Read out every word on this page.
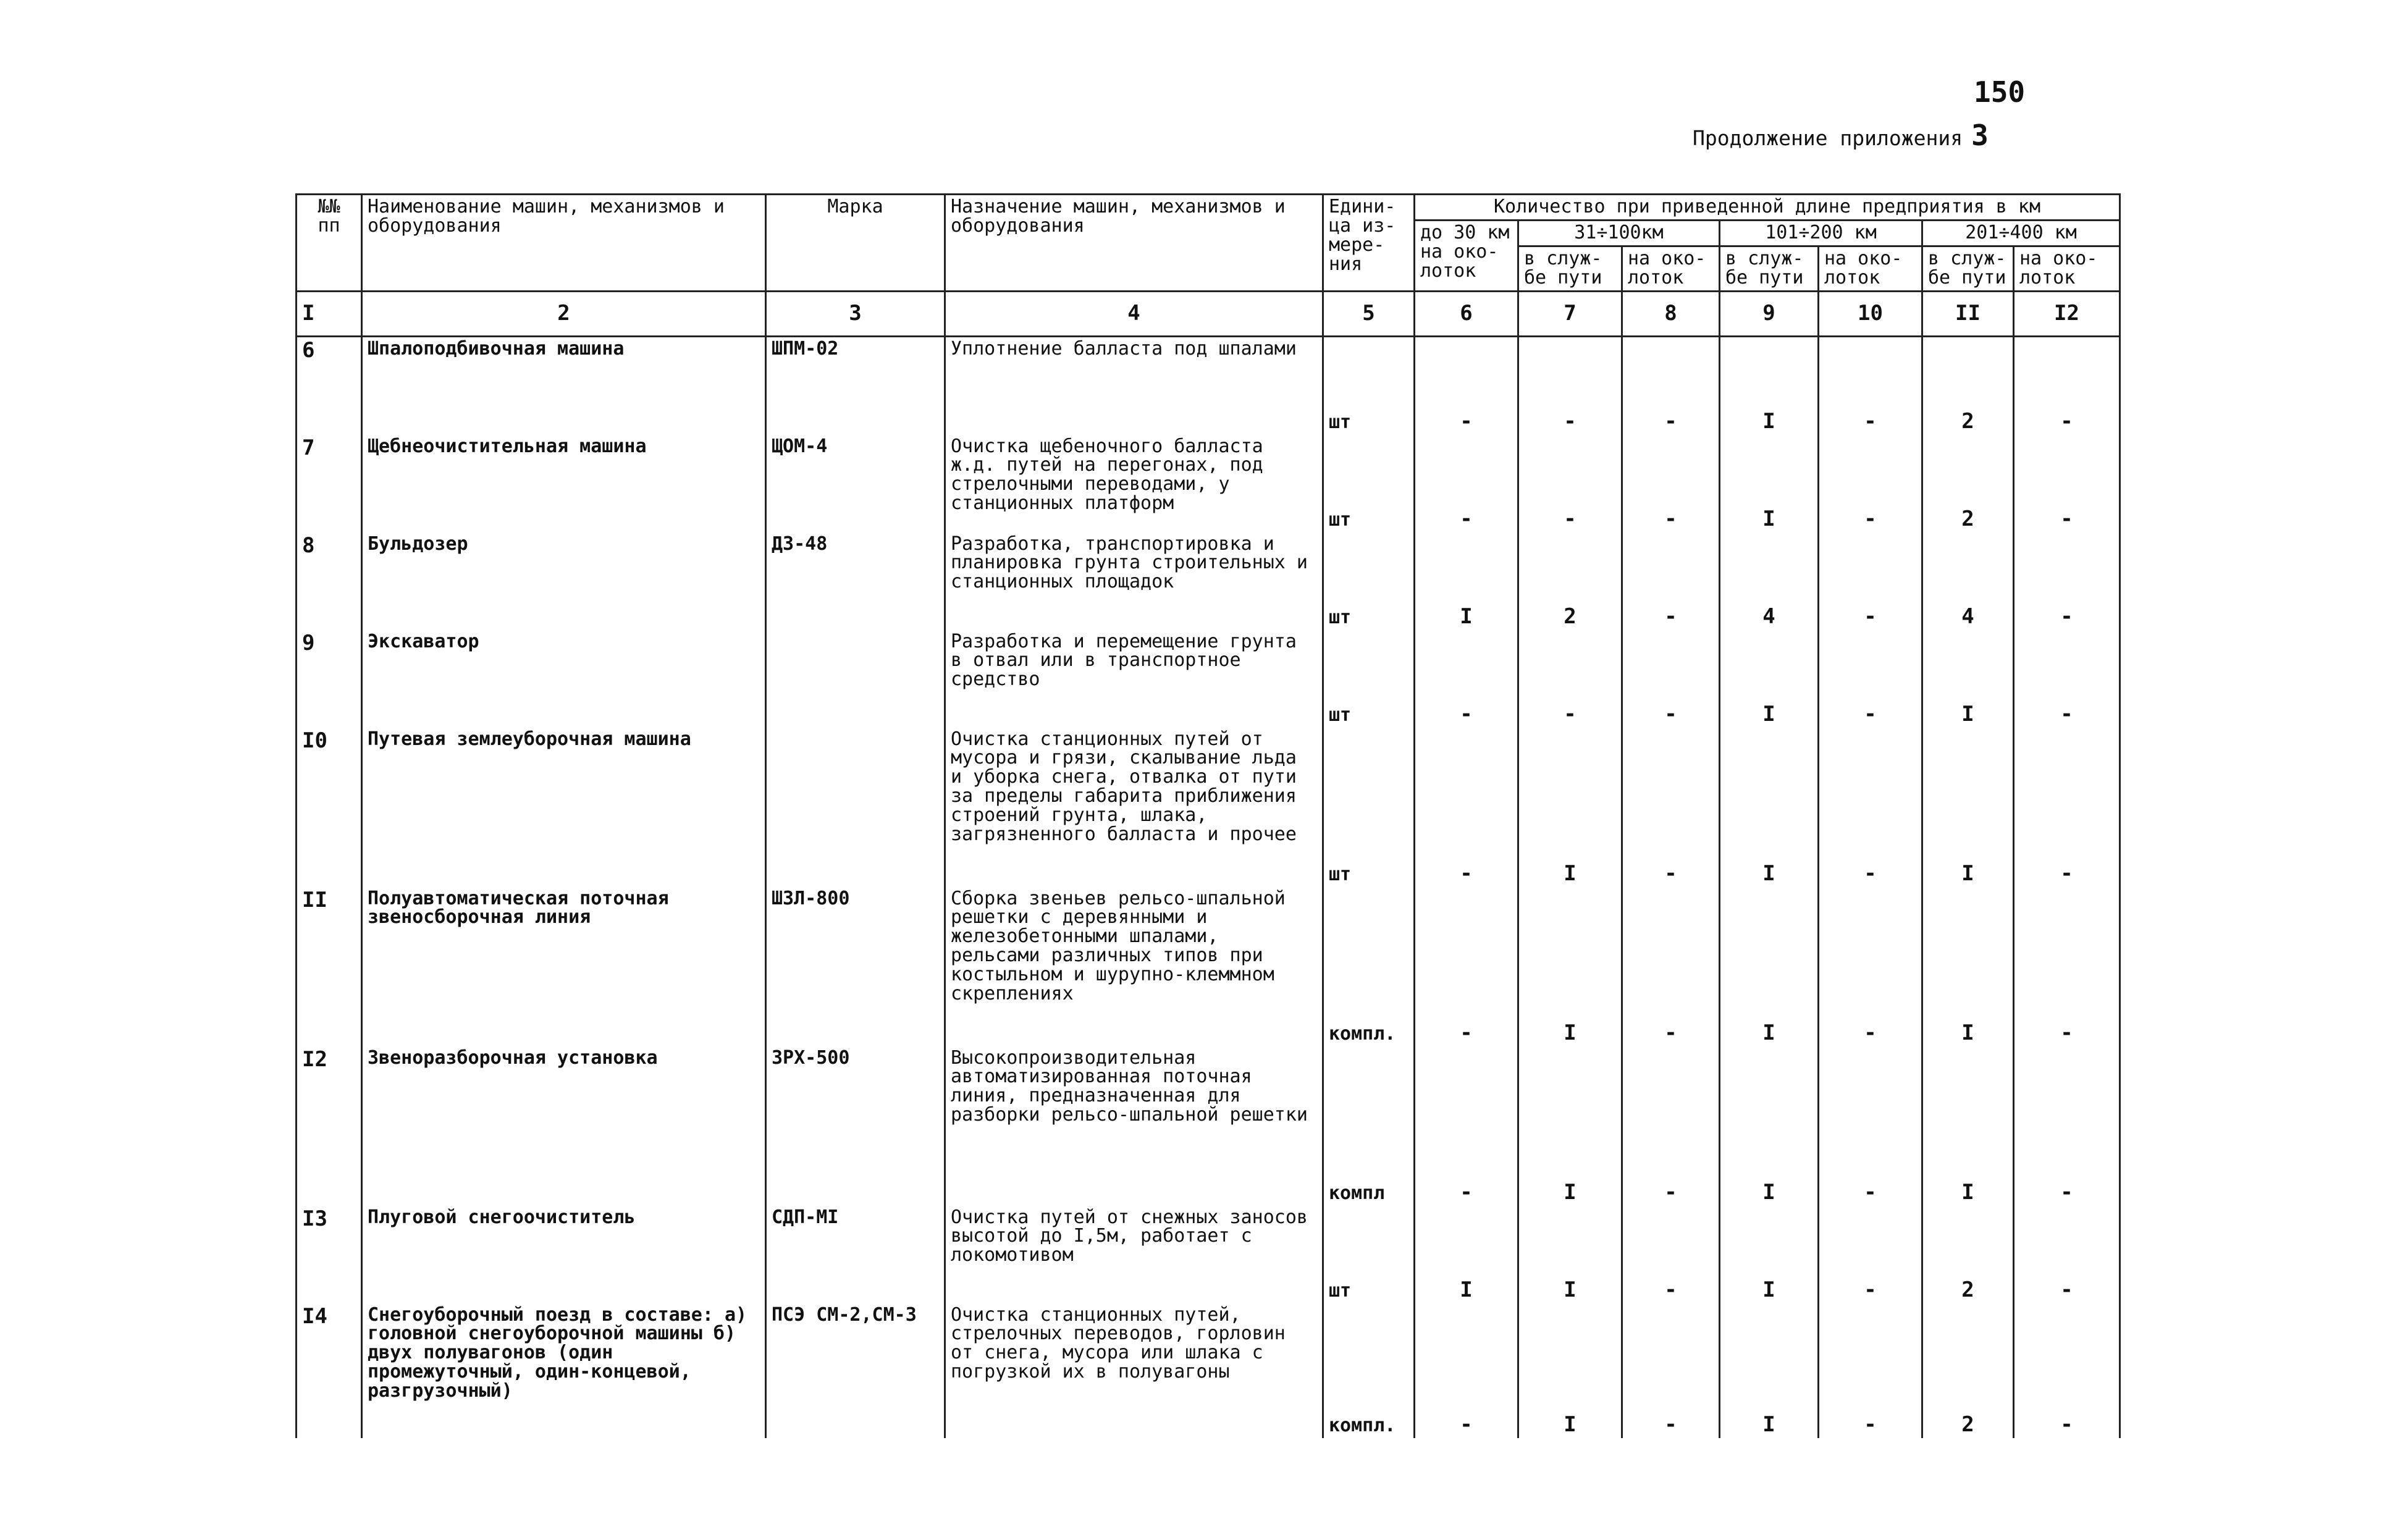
150
Продолжение приложения 3
№№ пп	Наименование машин, механизмов и оборудования	Марка	Назначение машин, механизмов и оборудования	Едини-ца из-мере-ния	Количество при приведенной длине предприятия в км						
					до 30 км на око-лоток	31÷100км		101÷200 км		201÷400 км	
						в служ-бе пути	на око-лоток	в служ-бе пути	на око-лоток	в служ-бе пути	на око-лоток
I	2	3	4	5	6	7	8	9	10	II	I2
6	Шпалоподбивочная машина	ШПМ-02	Уплотнение балласта под шпалами	шт	-	-	-	I	-	2	-
7	Щебнеочистительная машина	ЩОМ-4	Очистка щебеночного балласта ж.д. путей на перегонах, под стрелочными переводами, у станционных платформ	шт	-	-	-	I	-	2	-
8	Бульдозер	ДЗ-48	Разработка, транспортировка и планировка грунта строительных и станционных площадок	шт	I	2	-	4	-	4	-
9	Экскаватор		Разработка и перемещение грунта в отвал или в транспортное средство	шт	-	-	-	I	-	I	-
I0	Путевая землеуборочная машина		Очистка станционных путей от мусора и грязи, скалывание льда и уборка снега, отвалка от пути за пределы габарита приближения строений грунта, шлака, загрязненного балласта и прочее	шт	-	I	-	I	-	I	-
II	Полуавтоматическая поточная звеносборочная линия	ШЗЛ-800	Сборка звеньев рельсо-шпальной решетки с деревянными и железобетонными шпалами, рельсами различных типов при костыльном и шурупно-клеммном скреплениях	компл.	-	I	-	I	-	I	-
I2	Звеноразборочная установка	ЗРХ-500	Высокопроизводительная автоматизированная поточная линия, предназначенная для разборки рельсо-шпальной решетки	компл	-	I	-	I	-	I	-
I3	Плуговой снегоочиститель	СДП-МI	Очистка путей от снежных заносов высотой до I,5м, работает с локомотивом	шт	I	I	-	I	-	2	-
I4	Снегоуборочный поезд в составе: а) головной снегоуборочной машины б) двух полувагонов (один промежуточный, один-концевой, разгрузочный)	ПСЭ СМ-2,СМ-3	Очистка станционных путей, стрелочных переводов, горловин от снега, мусора или шлака с погрузкой их в полувагоны	компл.	-	I	-	I	-	2	-
